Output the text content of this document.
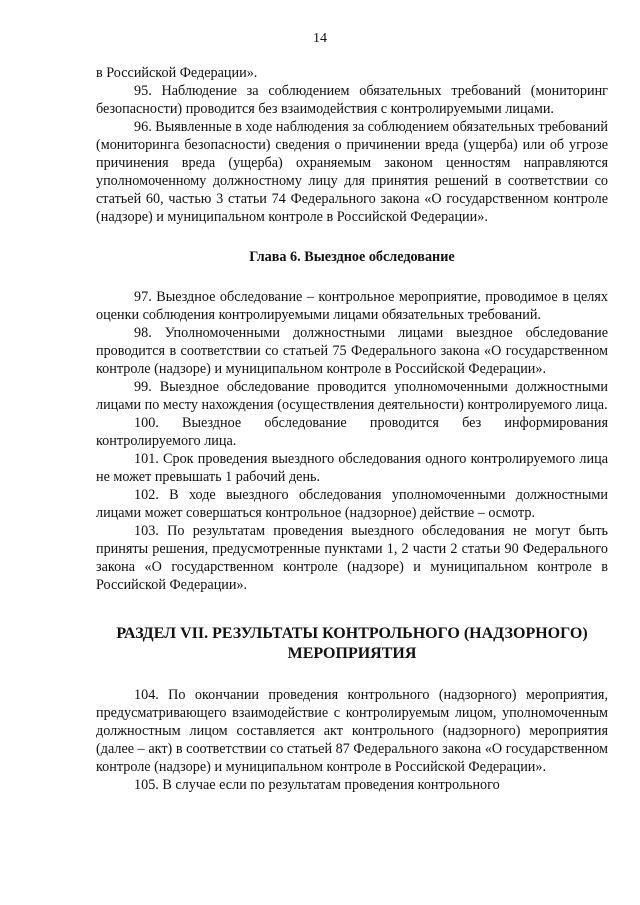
14

в Российской Федерации».

95. Наблюдение за соблюдением обязательных требований (мониторинг безопасности) проводится без взаимодействия с контролируемыми лицами.

96. Выявленные в ходе наблюдения за соблюдением обязательных требований (мониторинга безопасности) сведения о причинении вреда (ущерба) или об угрозе причинения вреда (ущерба) охраняемым законом ценностям направляются уполномоченному должностному лицу для принятия решений в соответствии со статьей 60, частью 3 статьи 74 Федерального закона «О государственном контроле (надзоре) и муниципальном контроле в Российской Федерации».

Глава 6. Выездное обследование

97. Выездное обследование – контрольное мероприятие, проводимое в целях оценки соблюдения контролируемыми лицами обязательных требований.

98. Уполномоченными должностными лицами выездное обследование проводится в соответствии со статьей 75 Федерального закона «О государственном контроле (надзоре) и муниципальном контроле в Российской Федерации».

99. Выездное обследование проводится уполномоченными должностными лицами по месту нахождения (осуществления деятельности) контролируемого лица.

100. Выездное обследование проводится без информирования контролируемого лица.

101. Срок проведения выездного обследования одного контролируемого лица не может превышать 1 рабочий день.

102. В ходе выездного обследования уполномоченными должностными лицами может совершаться контрольное (надзорное) действие – осмотр.

103. По результатам проведения выездного обследования не могут быть приняты решения, предусмотренные пунктами 1, 2 части 2 статьи 90 Федерального закона «О государственном контроле (надзоре) и муниципальном контроле в Российской Федерации».

РАЗДЕЛ VII. РЕЗУЛЬТАТЫ КОНТРОЛЬНОГО (НАДЗОРНОГО)
МЕРОПРИЯТИЯ

104. По окончании проведения контрольного (надзорного) мероприятия, предусматривающего взаимодействие с контролируемым лицом, уполномоченным должностным лицом составляется акт контрольного (надзорного) мероприятия (далее – акт) в соответствии со статьей 87 Федерального закона «О государственном контроле (надзоре) и муниципальном контроле в Российской Федерации».

105. В случае если по результатам проведения контрольного
